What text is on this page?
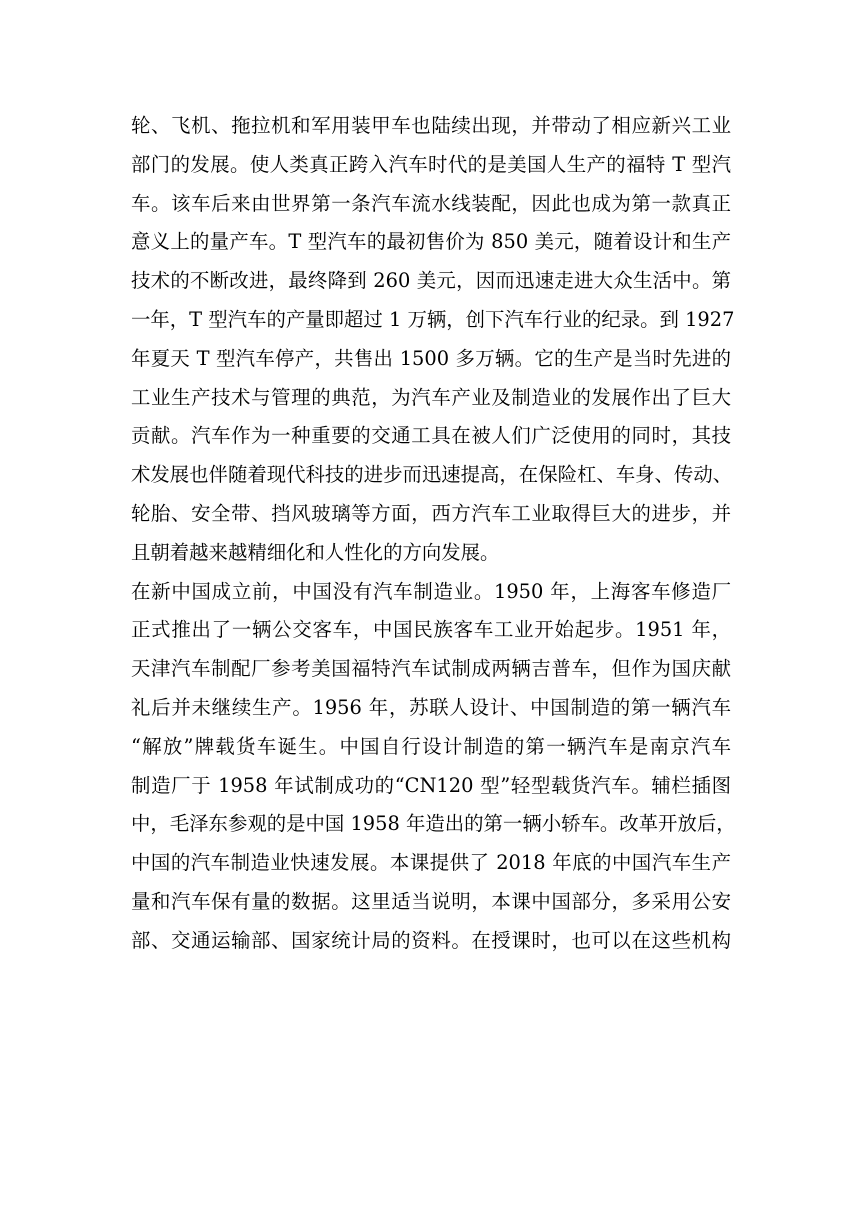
轮、飞机、拖拉机和军用装甲车也陆续出现，并带动了相应新兴工业
部门的发展。使人类真正跨入汽车时代的是美国人生产的福特 T 型汽
车。该车后来由世界第一条汽车流水线装配，因此也成为第一款真正
意义上的量产车。T 型汽车的最初售价为 850 美元，随着设计和生产
技术的不断改进，最终降到 260 美元，因而迅速走进大众生活中。第
一年，T 型汽车的产量即超过 1 万辆，创下汽车行业的纪录。到 1927
年夏天 T 型汽车停产，共售出 1500 多万辆。它的生产是当时先进的
工业生产技术与管理的典范，为汽车产业及制造业的发展作出了巨大
贡献。汽车作为一种重要的交通工具在被人们广泛使用的同时，其技
术发展也伴随着现代科技的进步而迅速提高，在保险杠、车身、传动、
轮胎、安全带、挡风玻璃等方面，西方汽车工业取得巨大的进步，并
且朝着越来越精细化和人性化的方向发展。
在新中国成立前，中国没有汽车制造业。1950 年，上海客车修造厂
正式推出了一辆公交客车，中国民族客车工业开始起步。1951 年，
天津汽车制配厂参考美国福特汽车试制成两辆吉普车，但作为国庆献
礼后并未继续生产。1956 年，苏联人设计、中国制造的第一辆汽车
“解放”牌载货车诞生。中国自行设计制造的第一辆汽车是南京汽车
制造厂于 1958 年试制成功的“CN120 型”轻型载货汽车。辅栏插图
中，毛泽东参观的是中国 1958 年造出的第一辆小轿车。改革开放后，
中国的汽车制造业快速发展。本课提供了 2018 年底的中国汽车生产
量和汽车保有量的数据。这里适当说明，本课中国部分，多采用公安
部、交通运输部、国家统计局的资料。在授课时，也可以在这些机构
